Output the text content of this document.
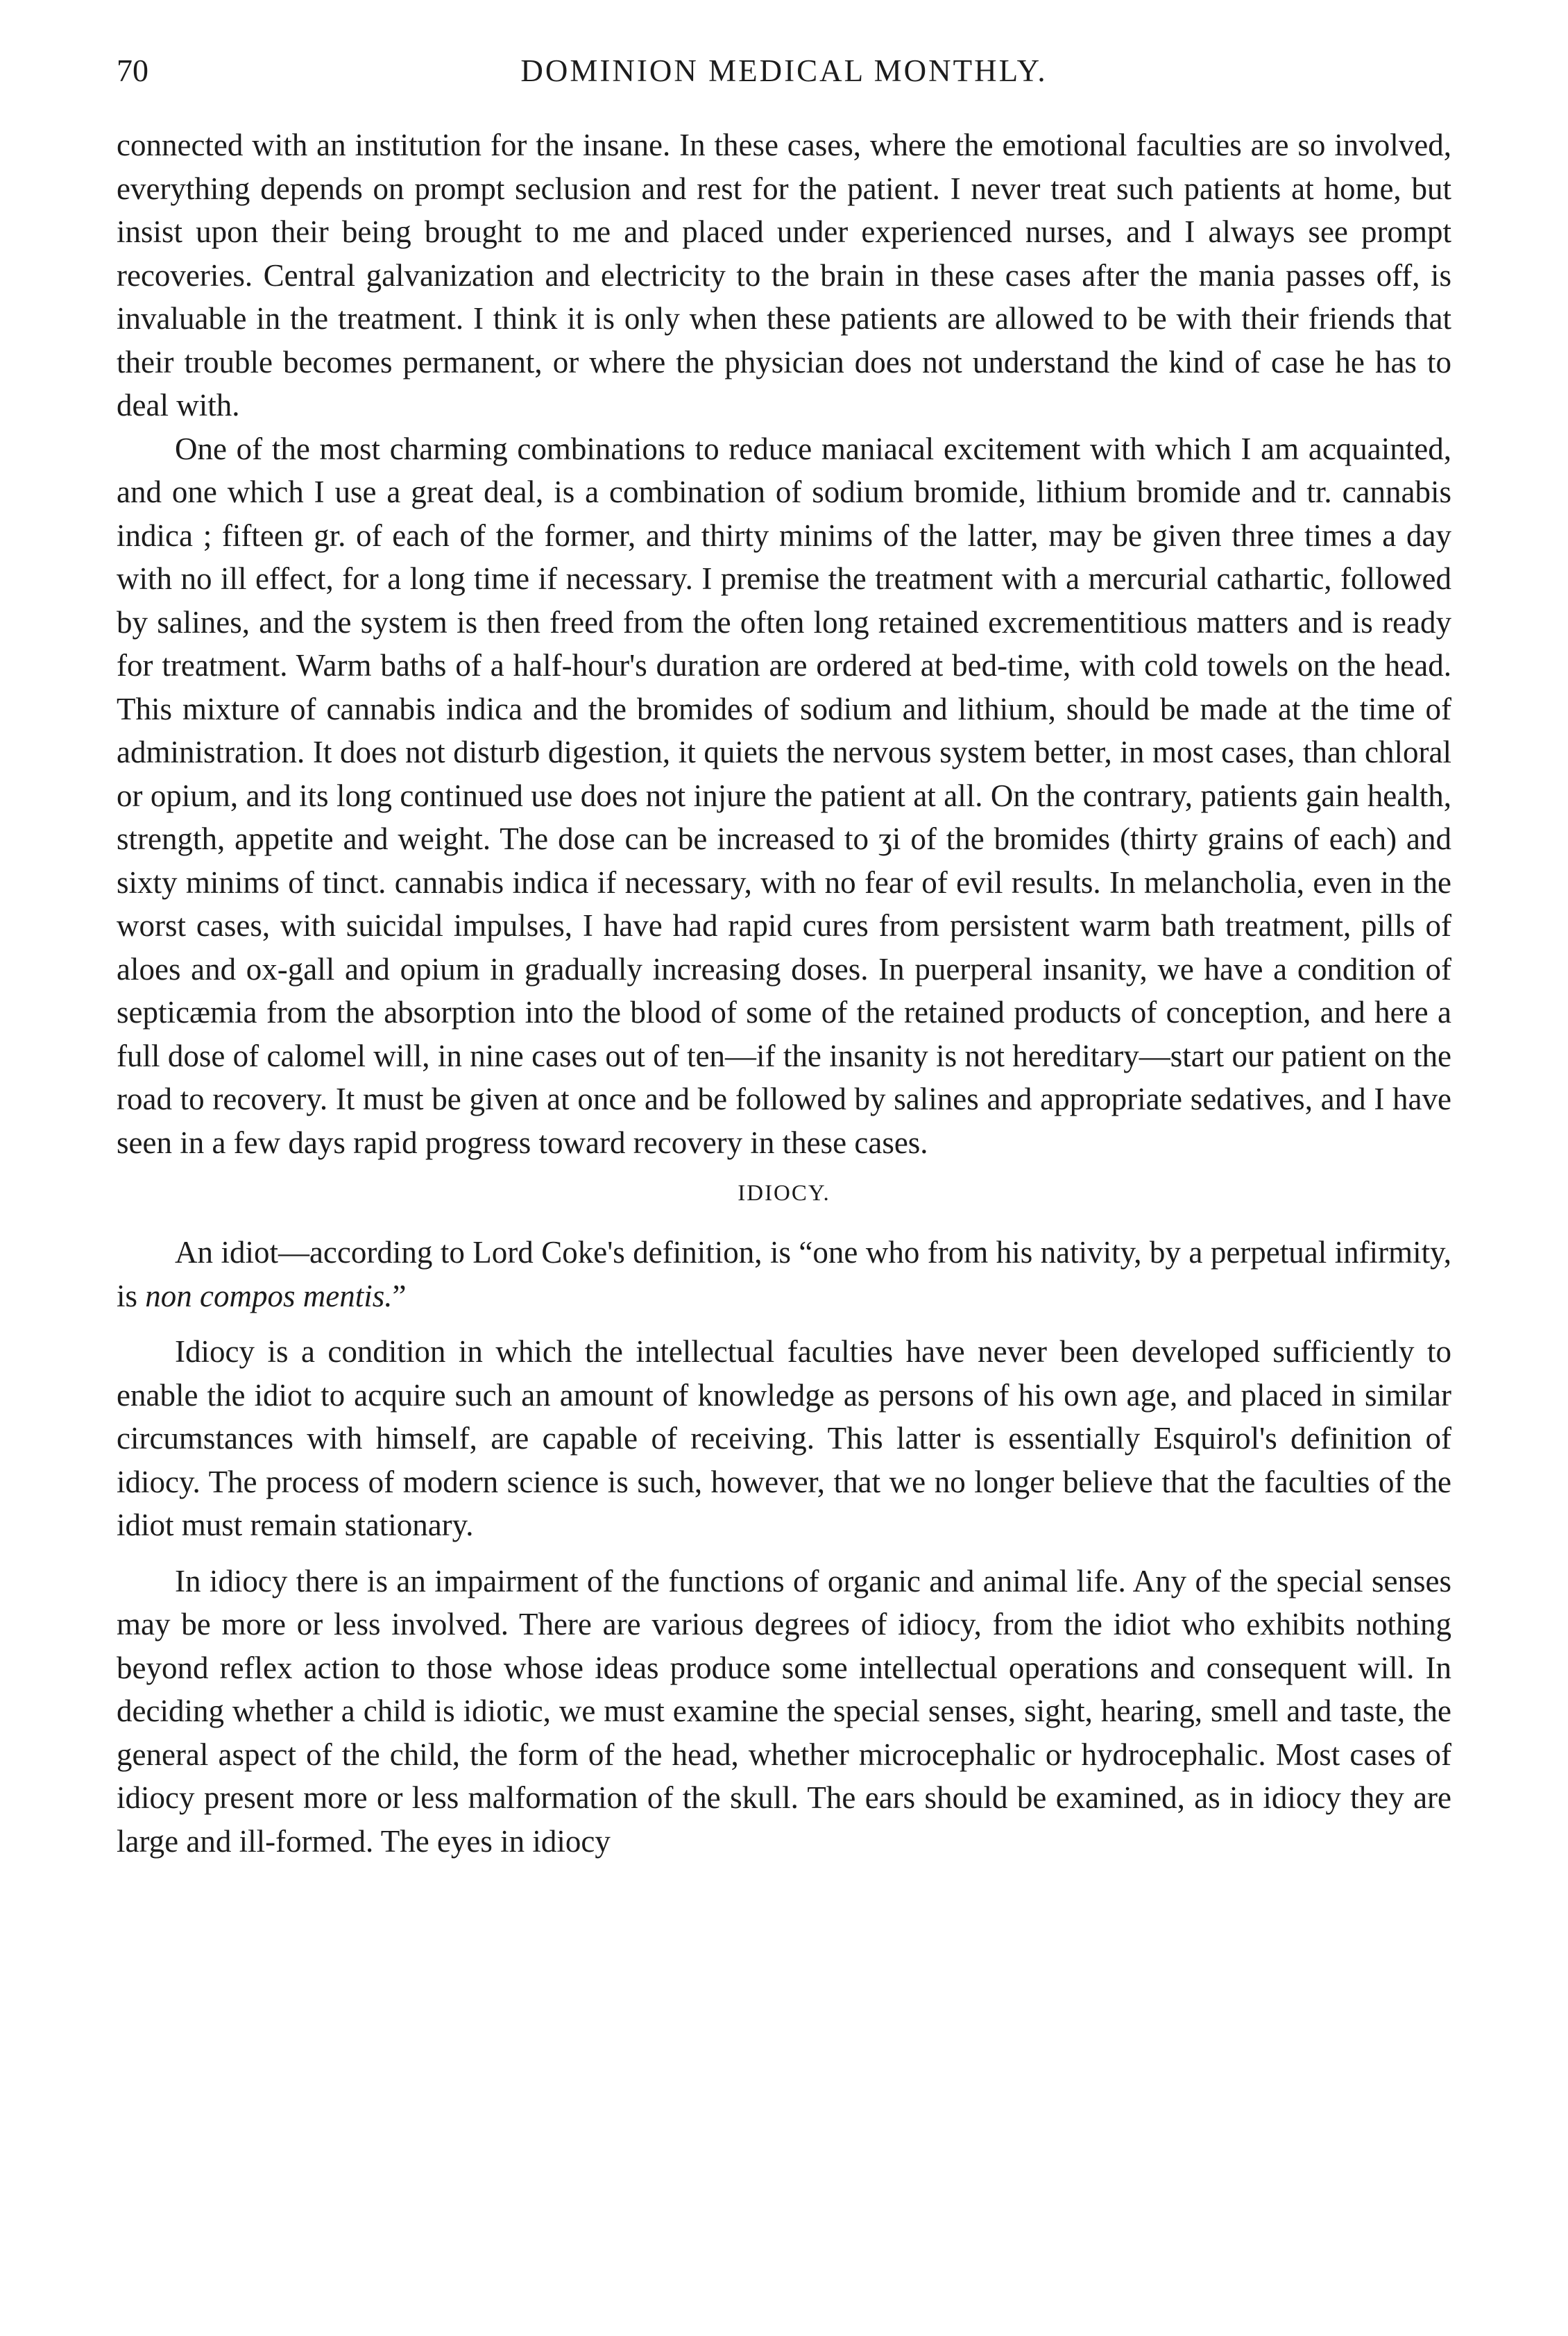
70	DOMINION MEDICAL MONTHLY.

connected with an institution for the insane. In these cases, where the emotional faculties are so involved, everything depends on prompt seclusion and rest for the patient. I never treat such patients at home, but insist upon their being brought to me and placed under experienced nurses, and I always see prompt recoveries. Central galvanization and electricity to the brain in these cases after the mania passes off, is invaluable in the treatment. I think it is only when these patients are allowed to be with their friends that their trouble becomes permanent, or where the physician does not understand the kind of case he has to deal with.

One of the most charming combinations to reduce maniacal excitement with which I am acquainted, and one which I use a great deal, is a combination of sodium bromide, lithium bromide and tr. cannabis indica ; fifteen gr. of each of the former, and thirty minims of the latter, may be given three times a day with no ill effect, for a long time if necessary. I premise the treatment with a mercurial cathartic, followed by salines, and the system is then freed from the often long retained excrementitious matters and is ready for treatment. Warm baths of a half-hour's duration are ordered at bed-time, with cold towels on the head. This mixture of cannabis indica and the bromides of sodium and lithium, should be made at the time of administration. It does not disturb digestion, it quiets the nervous system better, in most cases, than chloral or opium, and its long continued use does not injure the patient at all. On the contrary, patients gain health, strength, appetite and weight. The dose can be increased to ʒi of the bromides (thirty grains of each) and sixty minims of tinct. cannabis indica if necessary, with no fear of evil results. In melancholia, even in the worst cases, with suicidal impulses, I have had rapid cures from persistent warm bath treatment, pills of aloes and ox-gall and opium in gradually increasing doses. In puerperal insanity, we have a condition of septicæmia from the absorption into the blood of some of the retained products of conception, and here a full dose of calomel will, in nine cases out of ten—if the insanity is not hereditary—start our patient on the road to recovery. It must be given at once and be followed by salines and appropriate sedatives, and I have seen in a few days rapid progress toward recovery in these cases.

IDIOCY.

An idiot—according to Lord Coke's definition, is “one who from his nativity, by a perpetual infirmity, is non compos mentis.”

Idiocy is a condition in which the intellectual faculties have never been developed sufficiently to enable the idiot to acquire such an amount of knowledge as persons of his own age, and placed in similar circumstances with himself, are capable of receiving. This latter is essentially Esquirol's definition of idiocy. The process of modern science is such, however, that we no longer believe that the faculties of the idiot must remain stationary.

In idiocy there is an impairment of the functions of organic and animal life. Any of the special senses may be more or less involved. There are various degrees of idiocy, from the idiot who exhibits nothing beyond reflex action to those whose ideas produce some intellectual operations and consequent will. In deciding whether a child is idiotic, we must examine the special senses, sight, hearing, smell and taste, the general aspect of the child, the form of the head, whether microcephalic or hydrocephalic. Most cases of idiocy present more or less malformation of the skull. The ears should be examined, as in idiocy they are large and ill-formed. The eyes in idiocy
